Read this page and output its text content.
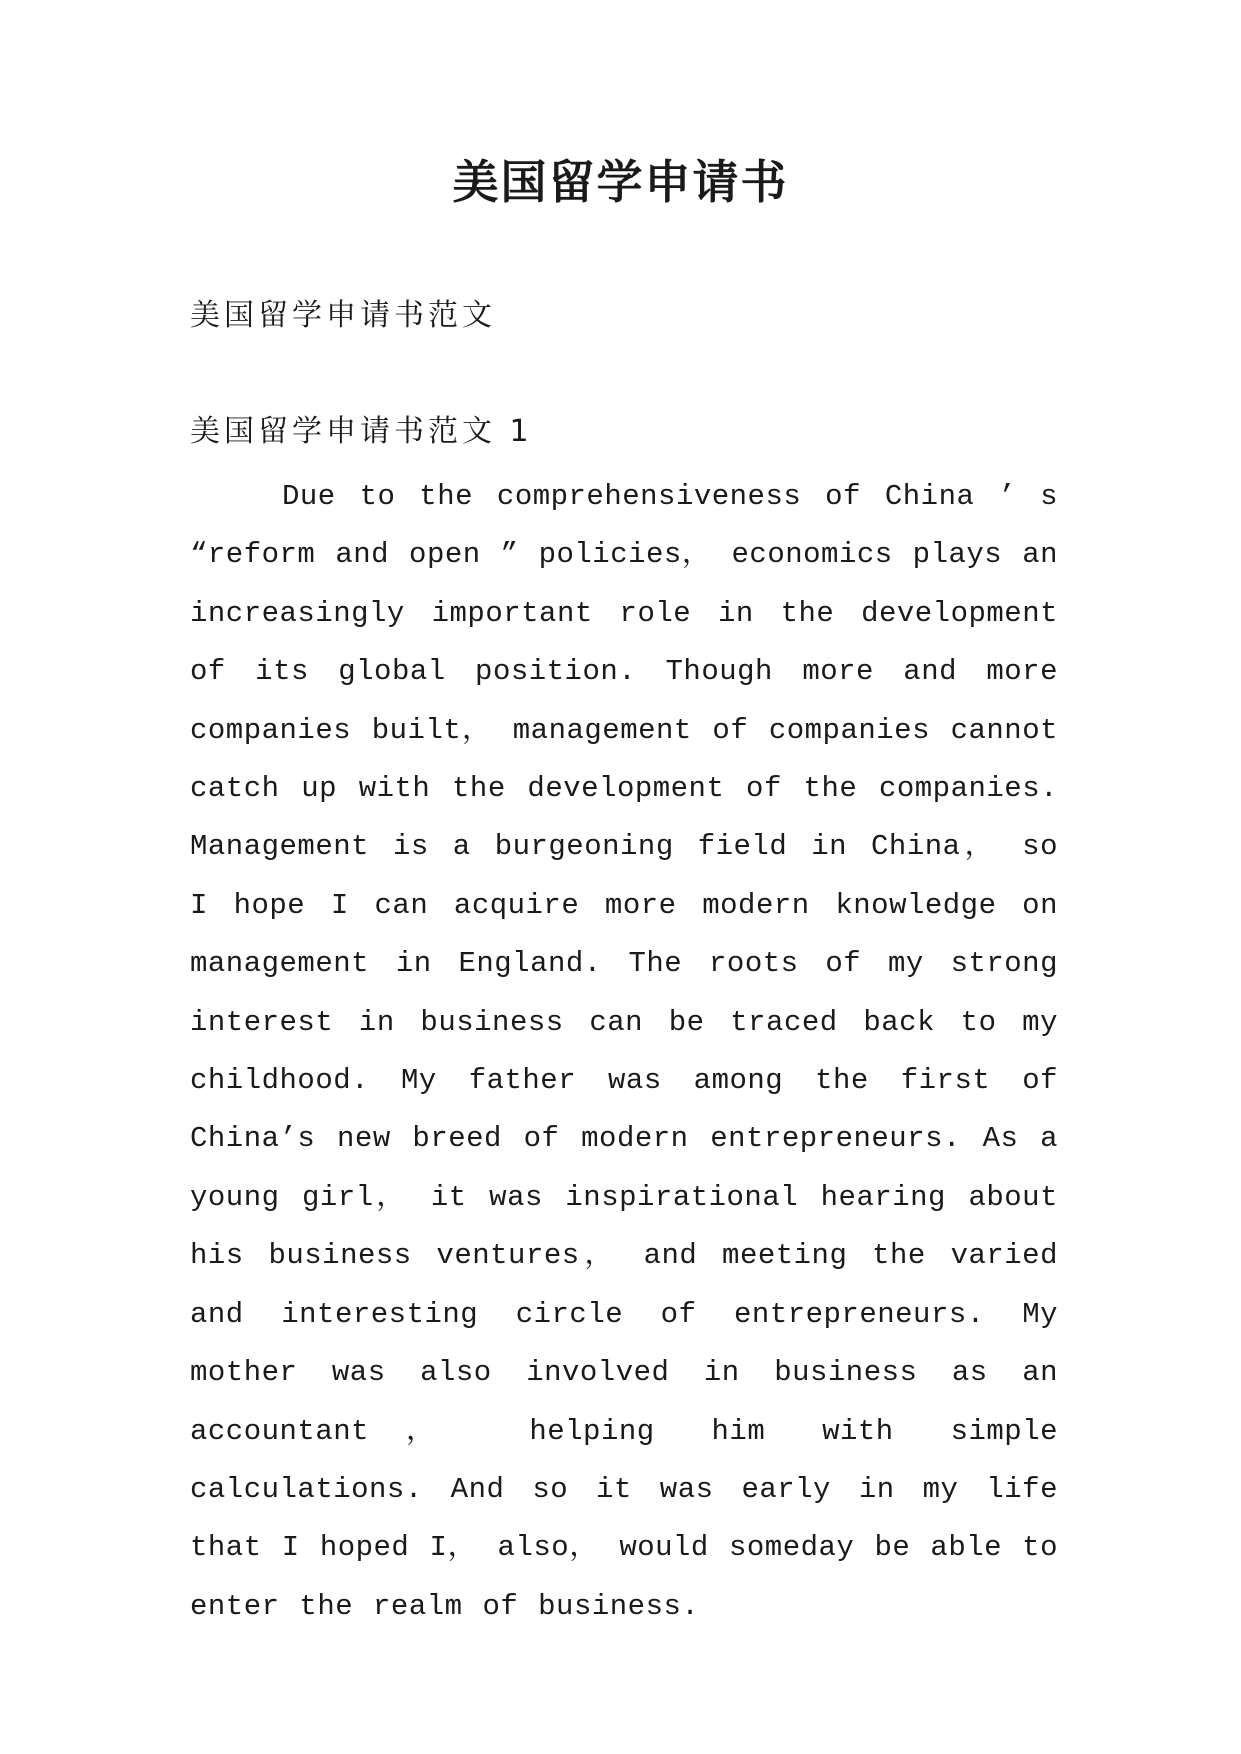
美国留学申请书

美国留学申请书范文

美国留学申请书范文 1

Due to the comprehensiveness of China ’ s “reform and open ” policies， economics plays an increasingly important role in the development of its global position. Though more and more companies built， management of companies cannot catch up with the development of the companies. Management is a burgeoning field in China， so I hope I can acquire more modern knowledge on management in England. The roots of my strong interest in business can be traced back to my childhood. My father was among the first of China’s new breed of modern entrepreneurs. As a young girl， it was inspirational hearing about his business ventures， and meeting the varied and interesting circle of entrepreneurs. My mother was also involved in business as an accountant， helping him with simple calculations. And so it was early in my life that I hoped I， also， would someday be able to enter the realm of business.
